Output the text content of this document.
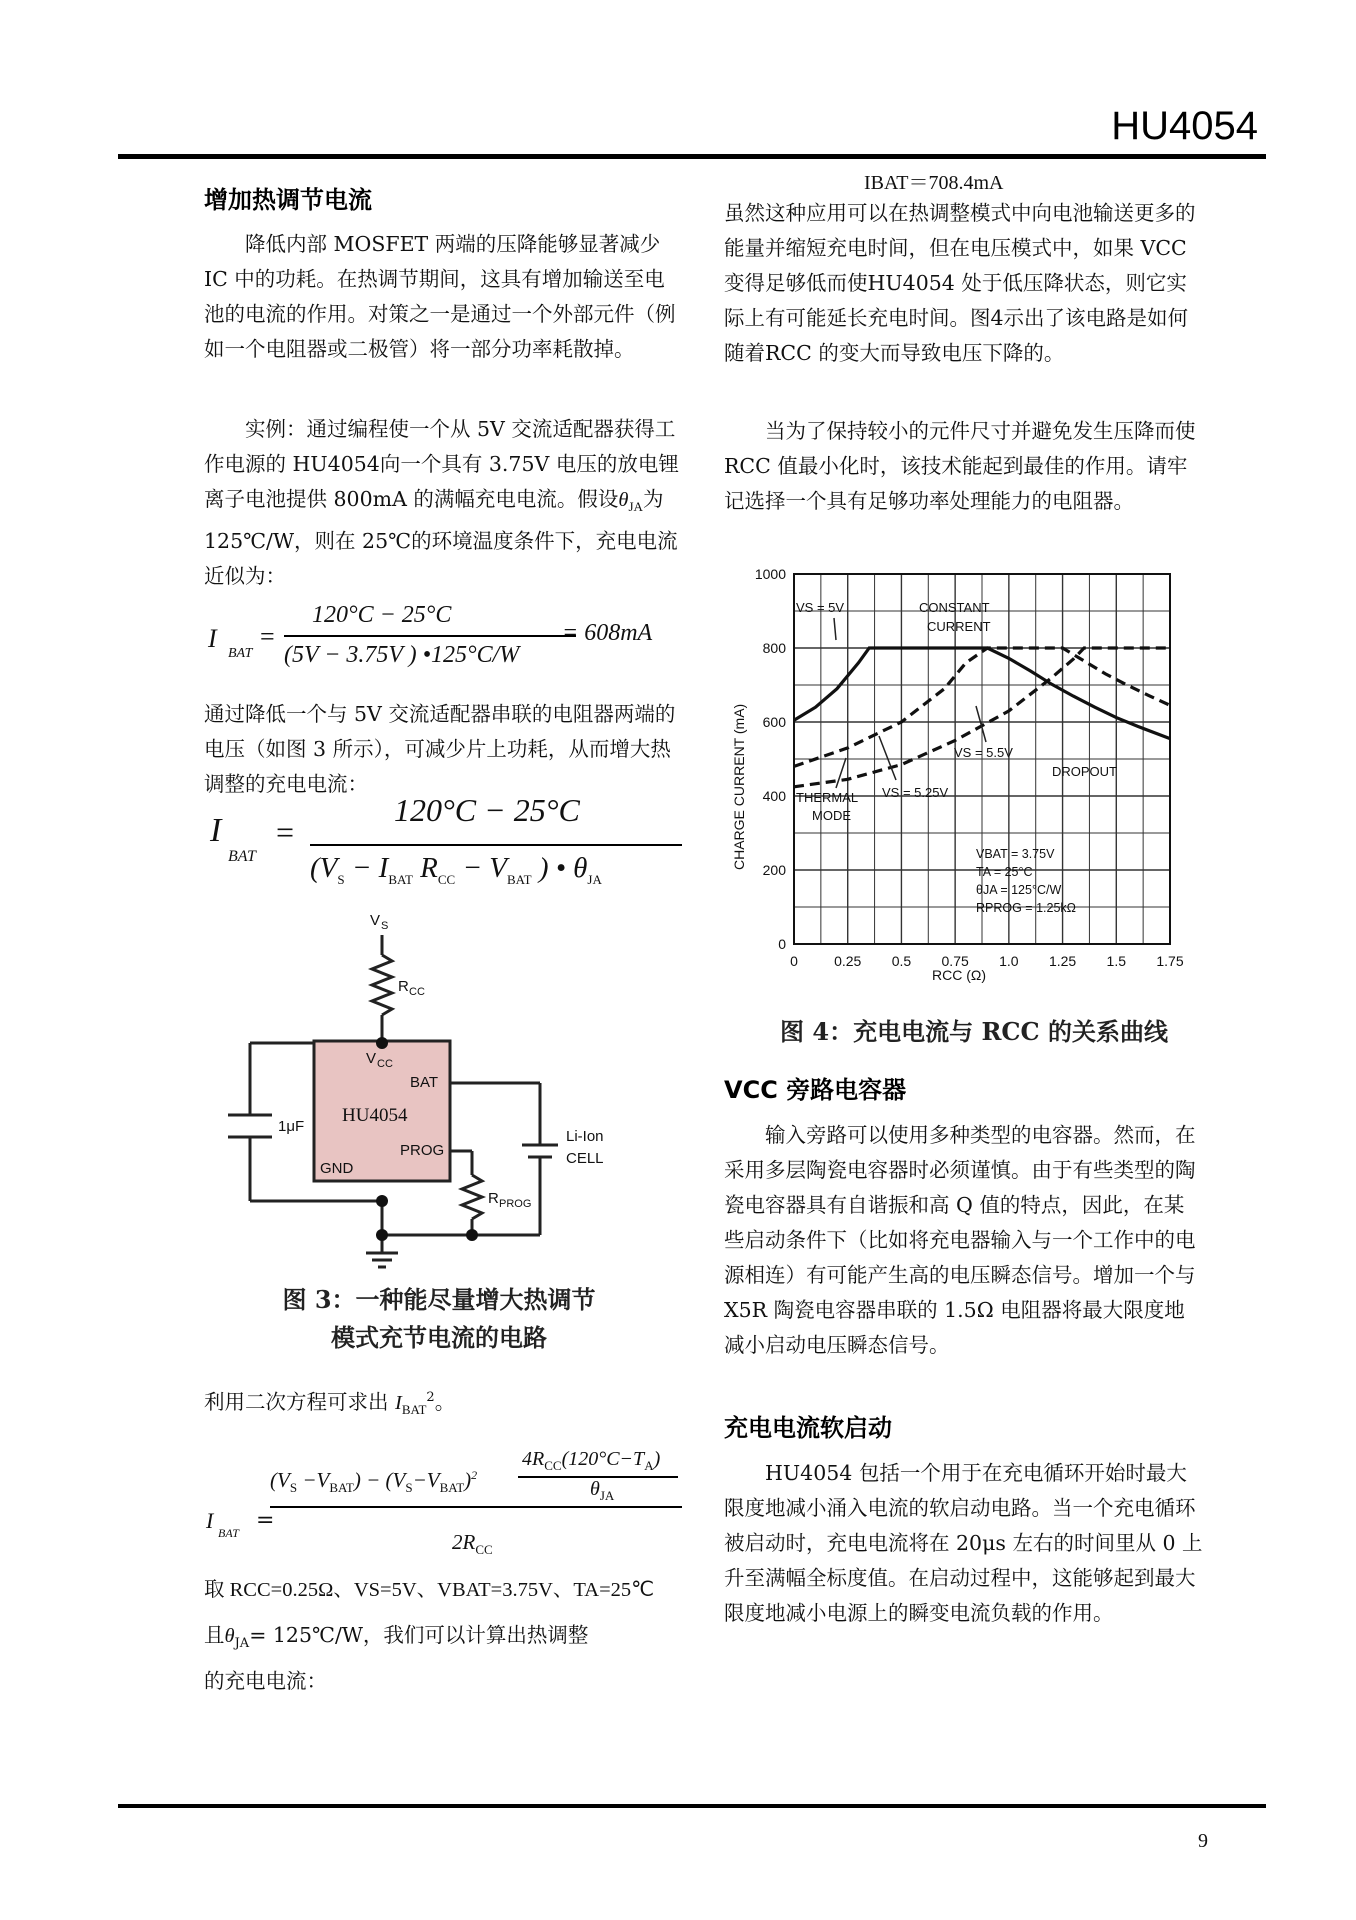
HU4054
9
增加热调节电流

降低内部 MOSFET 两端的压降能够显著减少 IC 中的功耗。在热调节期间，这具有增加输送至电池的电流的作用。对策之一是通过一个外部元件（例如一个电阻器或二极管）将一部分功率耗散掉。

实例：通过编程使一个从 5V 交流适配器获得工作电源的 HU4054向一个具有 3.75V 电压的放电锂离子电池提供 800mA 的满幅充电电流。假设$\theta_{JA}$为 125℃/W，则在 25℃的环境温度条件下，充电电流近似为：

I
BAT
=
120°C − 25°C
(5V − 3.75V ) •125°C/W
= 608mA

通过降低一个与 5V 交流适配器串联的电阻器两端的电压（如图 3 所示），可减少片上功耗，从而增大热调整的充电电流：

I
BAT
=
120°C − 25°C
($V_S - I_{BAT}$ $R_{CC} - V_{BAT}$ ) • $\theta_{JA}$
V S
R CC
V CC
BAT
PROG
GND
1μF
R PROG
Li-Ion
CELL
HU4054
图 3：一种能尽量增大热调节
模式充节电流的电路

利用二次方程可求出 $I_{BAT}^2$。

I BAT =
$(V_S -V_{BAT}) - (V_S-V_{BAT})^2$
$4R_{CC}(120^\circ C-T_A)$
$\theta_{JA}$
$2R_{CC}$

取 RCC=0.25Ω、VS=5V、VBAT=3.75V、TA=25℃

且$\theta_{JA}=$ 125℃/W，我们可以计算出热调整

的充电电流：

IBAT＝708.4mA

虽然这种应用可以在热调整模式中向电池输送更多的能量并缩短充电时间，但在电压模式中，如果 VCC 变得足够低而使HU4054 处于低压降状态，则它实际上有可能延长充电时间。图4示出了该电路是如何随着RCC 的变大而导致电压下降的。

当为了保持较小的元件尺寸并避免发生压降而使 RCC 值最小化时，该技术能起到最佳的作用。请牢记选择一个具有足够功率处理能力的电阻器。

0	0.25 0.5 0.75 1.0 1.25 1.5 1.75
0
200
400
600
800
1000
CHARGE CURRENT (mA)
RCC (Ω)
VS = 5V	CONSTANT
CURRENT
VS = 5.5V
VS = 5.25V
DROPOUT
THERMAL
MODE
VBAT = 3.75V
TA = 25°C
θJA = 125°C/W
RPROG = 1.25kΩ
图 4：充电电流与 RCC 的关系曲线
VCC 旁路电容器

输入旁路可以使用多种类型的电容器。然而，在采用多层陶瓷电容器时必须谨慎。由于有些类型的陶瓷电容器具有自谐振和高 Q 值的特点，因此，在某些启动条件下（比如将充电器输入与一个工作中的电源相连）有可能产生高的电压瞬态信号。增加一个与 X5R 陶瓷电容器串联的 1.5Ω 电阻器将最大限度地减小启动电压瞬态信号。

充电电流软启动

HU4054 包括一个用于在充电循环开始时最大限度地减小涌入电流的软启动电路。当一个充电循环被启动时，充电电流将在 20μs 左右的时间里从 0 上升至满幅全标度值。在启动过程中，这能够起到最大限度地减小电源上的瞬变电流负载的作用。
